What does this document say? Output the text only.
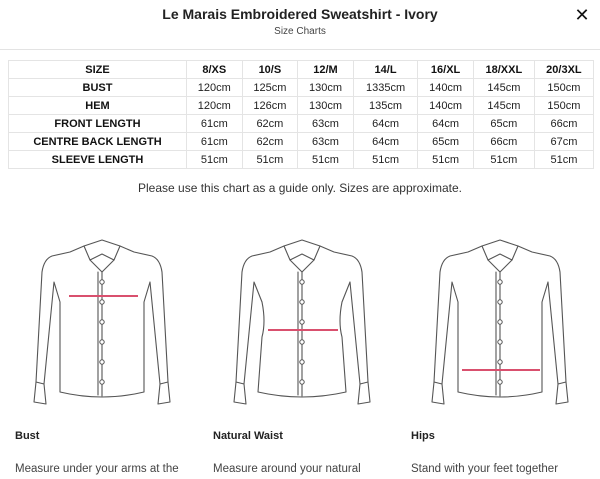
Le Marais Embroidered Sweatshirt - Ivory
Size Charts
✕
SIZE	8/XS	10/S	12/M	14/L	16/XL	18/XXL	20/3XL
BUST	120cm	125cm	130cm	1335cm	140cm	145cm	150cm
HEM	120cm	126cm	130cm	135cm	140cm	145cm	150cm
FRONT LENGTH	61cm	62cm	63cm	64cm	64cm	65cm	66cm
CENTRE BACK LENGTH	61cm	62cm	63cm	64cm	65cm	66cm	67cm
SLEEVE LENGTH	51cm	51cm	51cm	51cm	51cm	51cm	51cm
Please use this chart as a guide only. Sizes are approximate.
Bust	Natural Waist	Hips
Measure under your arms at the	Measure around your natural	Stand with your feet together
